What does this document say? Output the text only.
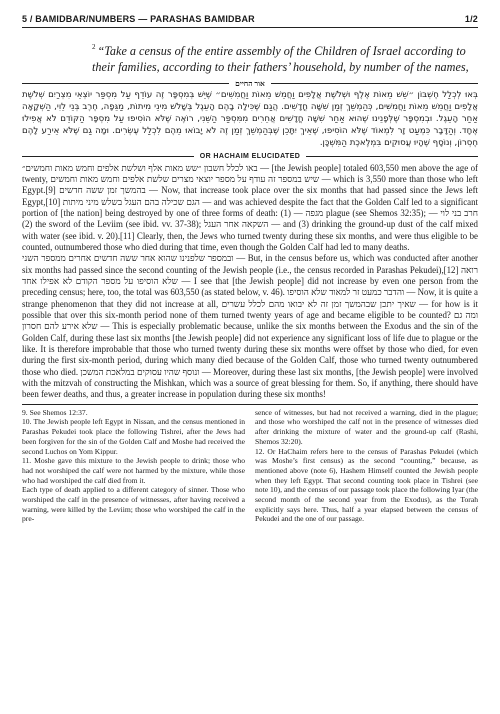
5 / BAMIDBAR/NUMBERS — PARASHAS BAMIDBAR	1/2
$^2$ “Take a census of the entire assembly of the Children of Israel according to their families, according to their fathers’ household, by number of the names,
אור החיים
בְּאוּ לְכְלַל חֶשְׁבּוֹן ״שֵׁשׁ מֵאוֹת אֶלֶף וּשְׁלֹשֶׁת אֲלָפִים וַחֲמֵשׁ מֵאוֹת וַחֲמִשִּׁים״ שֶׁיֵּשׁ בְּמִסְפָּר זֶה עוֹדֵף עַל מִסְפַּר יוֹצְאֵי מִצְרַיִם שְׁלֹשֶׁת אֲלָפִים וַחֲמֵשׁ מֵאוֹת וַחֲמִשִּׁים, כְּהַמְשֵׁךְ זְמַן שִׁשָּׁה חֳדָשִׁים. הֲגַם שֶׁכִּילָה בָהֶם הָעֵגֶל בְּשָׁלֹשׁ מִינֵי מִיתוֹת, מַגֵּפָה, חֶרֶב בְּנֵי לֵוִי, הַשְׁקָאָה אַחַר הָעֵגֶל. וּבְמִסְפָּר שֶׁלְּפָנֵינוּ שֶׁהוּא אַחַר שִׁשָּׁה חֳדָשִׁים אֲחֵרִים מִמִּסְפַּר הַשֵּׁנִי, רוֹאֶה שֶׁלֹּא הוֹסִיפוּ עַל מִסְפָּר הַקּוֹדֵם לֹא אֲפִילוּ אֶחָד. וְהַדָּבָר כִּמְעַט זָר לִמְאוֹד שֶׁלֹּא הוֹסִיפוּ, שֶׁאֵיךְ יִתָּכֵן שֶׁבְּהַמְשֵׁךְ זְמַן זֶה לֹא יָבוֹאוּ מֵהֶם לִכְלַל עֶשְׂרִים. וּמָה גַם שֶׁלֹּא אֵירַע לָהֶם חֶסְרוֹן, וְנוֹסָף שֶׁהָיוּ עֲסוּקִים בִּמְלֶאכֶת הַמִּשְׁכָּן.
OR HACHAIM ELUCIDATED

באו לכלל חשבון ״שש מאות אלף ושלשת אלפים וחמש מאות וחמשים״ — [the Jewish people] totaled 603,550 men above the age of twenty, שיש במספר זה עודף על מספר יוצאי מצרים שלשת אלפים וחמש מאות וחמשים — which is 3,550 more than those who left Egypt.[9] בהמשך זמן ששה חדשים — Now, that increase took place over the six months that had passed since the Jews left Egypt,[10] הגם שכילה בהם העגל בשלש מיני מיתות — and was achieved despite the fact that the Golden Calf led to a significant portion of [the nation] being destroyed by one of three forms of death: מגפה — (1) plague (see Shemos 32:35); חרב בני לוי — (2) the sword of the Leviim (see ibid. vv. 37-38); השקאה אחר העגל — and (3) drinking the ground-up dust of the calf mixed with water (see ibid. v. 20).[11] Clearly, then, the Jews who turned twenty during these six months, and were thus eligible to be counted, outnumbered those who died during that time, even though the Golden Calf had led to many deaths.

ובמספר שלפנינו שהוא אחר ששה חדשים אחרים ממספר השני — But, in the census before us, which was conducted after another six months had passed since the second counting of the Jewish people (i.e., the census recorded in Parashas Pekudei),[12] רואה שלא הוסיפו על מספר הקודם לא אפילו אחד — I see that [the Jewish people] did not increase by even one person from the preceding census; here, too, the total was 603,550 (as stated below, v. 46). והדבר כמעט זר למאוד שלא הוסיפו — Now, it is quite a strange phenomenon that they did not increase at all, שאיך יתכן שבהמשך זמן זה לא יבואו מהם לכלל עשרים — for how is it possible that over this six-month period none of them turned twenty years of age and became eligible to be counted? ומה גם שלא אירע להם חסרון — This is especially problematic because, unlike the six months between the Exodus and the sin of the Golden Calf, during these last six months [the Jewish people] did not experience any significant loss of life due to plague or the like. It is therefore improbable that those who turned twenty during these six months were offset by those who died, for even during the first six-month period, during which many died because of the Golden Calf, those who turned twenty outnumbered those who died. ונוסף שהיו עסוקים במלאכת המשכן — Moreover, during these last six months, [the Jewish people] were involved with the mitzvah of constructing the Mishkan, which was a source of great blessing for them. So, if anything, there should have been fewer deaths, and thus, a greater increase in population during these six months!

9. See Shemos 12:37.

10. The Jewish people left Egypt in Nissan, and the census mentioned in Parashas Pekudei took place the following Tishrei, after the Jews had been forgiven for the sin of the Golden Calf and Moshe had received the second Luchos on Yom Kippur.

11. Moshe gave this mixture to the Jewish people to drink; those who had not worshiped the calf were not harmed by the mixture, while those who had worshiped the calf died from it.

Each type of death applied to a different category of sinner. Those who worshiped the calf in the presence of witnesses, after having received a warning, were killed by the Leviim; those who worshiped the calf in the pre-

sence of witnesses, but had not received a warning, died in the plague; and those who worshiped the calf not in the presence of witnesses died after drinking the mixture of water and the ground-up calf (Rashi, Shemos 32:20).

12. Or HaChaim refers here to the census of Parashas Pekudei (which was Moshe’s first census) as the second “counting,” because, as mentioned above (note 6), Hashem Himself counted the Jewish people when they left Egypt. That second counting took place in Tishrei (see note 10), and the census of our passage took place the following Iyar (the second month of the second year from the Exodus), as the Torah explicitly says here. Thus, half a year elapsed between the census of Pekudei and the one of our passage.
